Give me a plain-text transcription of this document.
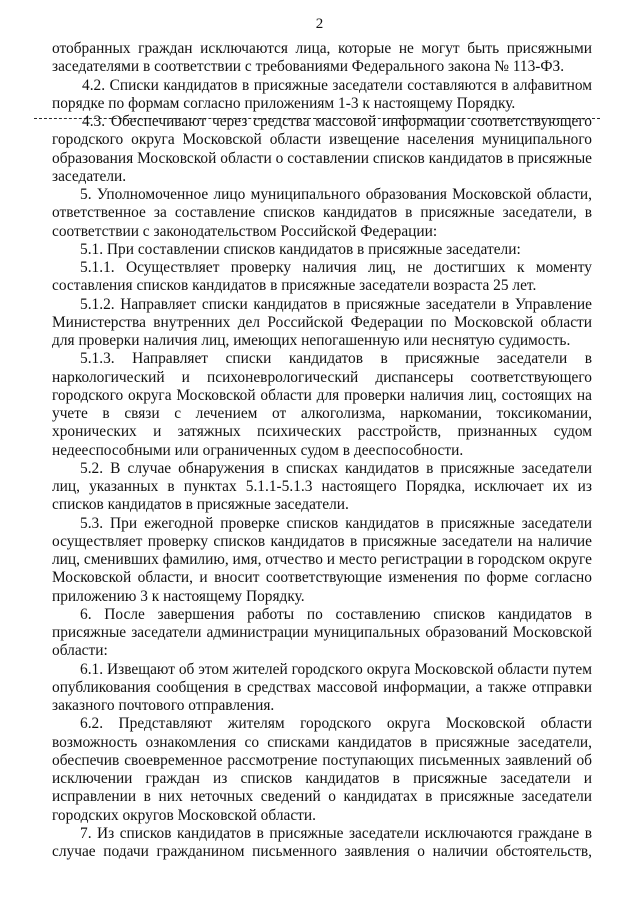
2

отобранных граждан исключаются лица, которые не могут быть присяжными заседателями в соответствии с требованиями Федерального закона № 113-ФЗ.

4.2. Списки кандидатов в присяжные заседатели составляются в алфавитном порядке по формам согласно приложениям 1-3 к настоящему Порядку.

4.3. Обеспечивают через средства массовой информации соответствующего городского округа Московской области извещение населения муниципального образования Московской области о составлении списков кандидатов в присяжные заседатели.

5. Уполномоченное лицо муниципального образования Московской области, ответственное за составление списков кандидатов в присяжные заседатели, в соответствии с законодательством Российской Федерации:

5.1. При составлении списков кандидатов в присяжные заседатели:

5.1.1. Осуществляет проверку наличия лиц, не достигших к моменту составления списков кандидатов в присяжные заседатели возраста 25 лет.

5.1.2. Направляет списки кандидатов в присяжные заседатели в Управление Министерства внутренних дел Российской Федерации по Московской области для проверки наличия лиц, имеющих непогашенную или неснятую судимость.

5.1.3. Направляет списки кандидатов в присяжные заседатели в наркологический и психоневрологический диспансеры соответствующего городского округа Московской области для проверки наличия лиц, состоящих на учете в связи с лечением от алкоголизма, наркомании, токсикомании, хронических и затяжных психических расстройств, признанных судом недееспособными или ограниченных судом в дееспособности.

5.2. В случае обнаружения в списках кандидатов в присяжные заседатели лиц, указанных в пунктах 5.1.1-5.1.3 настоящего Порядка, исключает их из списков кандидатов в присяжные заседатели.

5.3. При ежегодной проверке списков кандидатов в присяжные заседатели осуществляет проверку списков кандидатов в присяжные заседатели на наличие лиц, сменивших фамилию, имя, отчество и место регистрации в городском округе Московской области, и вносит соответствующие изменения по форме согласно приложению 3 к настоящему Порядку.

6. После завершения работы по составлению списков кандидатов в присяжные заседатели администрации муниципальных образований Московской области:

6.1. Извещают об этом жителей городского округа Московской области путем опубликования сообщения в средствах массовой информации, а также отправки заказного почтового отправления.

6.2. Представляют жителям городского округа Московской области возможность ознакомления со списками кандидатов в присяжные заседатели, обеспечив своевременное рассмотрение поступающих письменных заявлений об исключении граждан из списков кандидатов в присяжные заседатели и исправлении в них неточных сведений о кандидатах в присяжные заседатели городских округов Московской области.

7. Из списков кандидатов в присяжные заседатели исключаются граждане в случае подачи гражданином письменного заявления о наличии обстоятельств,
